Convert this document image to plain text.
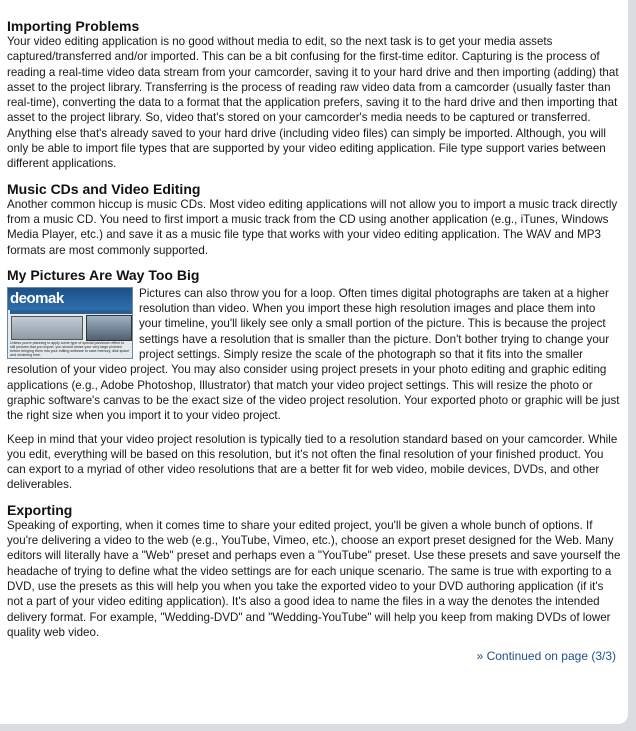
Importing Problems

Your video editing application is no good without media to edit, so the next task is to get your media assets captured/transferred and/or imported. This can be a bit confusing for the first-time editor. Capturing is the process of reading a real-time video data stream from your camcorder, saving it to your hard drive and then importing (adding) that asset to the project library. Transferring is the process of reading raw video data from a camcorder (usually faster than real-time), converting the data to a format that the application prefers, saving it to the hard drive and then importing that asset to the project library. So, video that's stored on your camcorder's media needs to be captured or transferred. Anything else that's already saved to your hard drive (including video files) can simply be imported. Although, you will only be able to import file types that are supported by your video editing application. File type support varies between different applications.

Music CDs and Video Editing

Another common hiccup is music CDs. Most video editing applications will not allow you to import a music track directly from a music CD. You need to first import a music track from the CD using another application (e.g., iTunes, Windows Media Player, etc.) and save it as a music file type that works with your video editing application. The WAV and MP3 formats are most commonly supported.

My Pictures Are Way Too Big
deomak
Unless you're planning to apply some type of special pan/zoom effect to still pictures that you import, you should resize your very large pictures before bringing them into your editing software to save memory, disk space and rendering time.

Pictures can also throw you for a loop. Often times digital photographs are taken at a higher resolution than video. When you import these high resolution images and place them into your timeline, you'll likely see only a small portion of the picture. This is because the project settings have a resolution that is smaller than the picture. Don't bother trying to change your project settings. Simply resize the scale of the photograph so that it fits into the smaller resolution of your video project. You may also consider using project presets in your photo editing and graphic editing applications (e.g., Adobe Photoshop, Illustrator) that match your video project settings. This will resize the photo or graphic software's canvas to be the exact size of the video project resolution. Your exported photo or graphic will be just the right size when you import it to your video project.

Keep in mind that your video project resolution is typically tied to a resolution standard based on your camcorder. While you edit, everything will be based on this resolution, but it's not often the final resolution of your finished product. You can export to a myriad of other video resolutions that are a better fit for web video, mobile devices, DVDs, and other deliverables.

Exporting

Speaking of exporting, when it comes time to share your edited project, you'll be given a whole bunch of options. If you're delivering a video to the web (e.g., YouTube, Vimeo, etc.), choose an export preset designed for the Web. Many editors will literally have a "Web" preset and perhaps even a "YouTube" preset. Use these presets and save yourself the headache of trying to define what the video settings are for each unique scenario. The same is true with exporting to a DVD, use the presets as this will help you when you take the exported video to your DVD authoring application (if it's not a part of your video editing application). It's also a good idea to name the files in a way the denotes the intended delivery format. For example, "Wedding-DVD" and "Wedding-YouTube" will help you keep from making DVDs of lower quality web video.

» Continued on page (3/3)
